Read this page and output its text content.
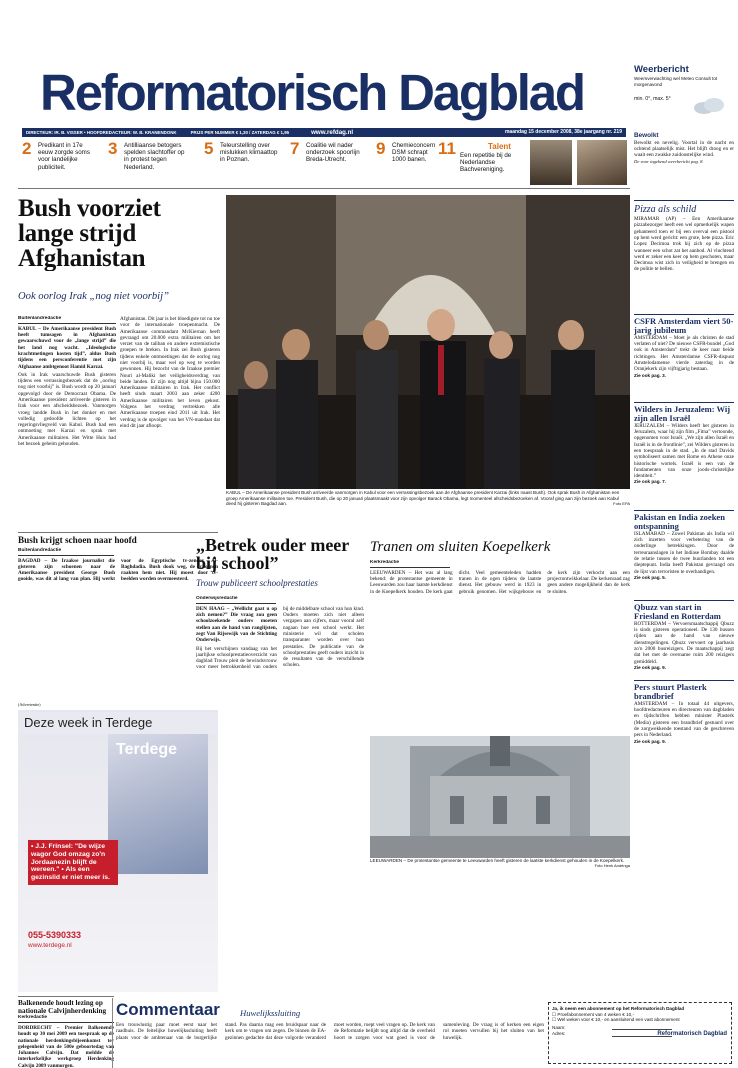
Reformatorisch Dagblad	Weerbericht
Weersverwachting wel Meteo Consult tot morgenavond
min. 0°, max. 5°
DIRECTEUR: IR. B. VISSER • HOOFDREDACTEUR: W. B. KRANENDONK	PRIJS PER NUMMER € 1,30 / ZATERDAG € 1,95	www.refdag.nl	maandag 15 december 2008, 38e jaargang nr. 219
2	Predikant in 17e eeuw zorgde soms voor landelijke publiciteit.
3	Antilliaanse betogers spelden slachtoffer op in protest tegen Nederland.
5	Teleurstelling over mislukken klimaattop in Poznan.
7	Coalitie wil nader onderzoek spoorlijn Breda-Utrecht.
9	Chemieconcern DSM schrapt 1000 banen.
11 Een repetitie bij de Nederlandse Bachvereniging.
Talent
Bewolkt
Bewolkt en nevelig. Voortal in de nacht en ochtend plaatselijk mist. Het blijft droog en er waait een zwakke zuidoostelijke wind.
De voor ingekend weerbericht pag. 8.
Bush voorziet lange strijd Afghanistan
Ook oorlog Irak „nog niet voorbij”
Buitenlandredactie
KABUL – De Amerikaanse president Bush heeft tumsagen in Afghanistan gewaarschuwd voor de „lange strijd” die het land nog wacht. „Ideologische krachtmetingen kosten tijd”, aldus Bush tijdens een persconferentie met zijn Afghaanse ambtgenoot Hamid Karzai.
Ook in Irak waarschuwde Bush gisteren tijdens een verrassingsbezoek dat de „oorlog nog niet voorbij” is. Bush wordt op 20 januari opgevolgd door de Democraat Obama. De Amerikaanse president arriveerde gisteren in Irak voor een afscheidsbezoek. Vanmorgen vroeg landde Bush in het donker en met volledig gedoofde lichten op het regeringsvliegveld van Kabul. Bush had een ontmoeting met Karzai en sprak met Amerikaanse militairen. Het Witte Huis had het bezoek geheim gehouden.
Afghanistan. Dit jaar is het bloedigste tot nu toe voor de internationale troepenmacht. De Amerikaanse commandant McKiernan heeft gevraagd om 20.000 extra militairen om het verzet van de taliban en andere extremistische groepen te breken. In Irak zei Bush gisteren tijdens enkele ontmoetingen dat de oorlog nog niet voorbij is, maar wel op weg te worden gewonnen. Hij bezocht van de Iraakse premier Nouri al-Maliki het veiligheidsverdrag van beide landen. Er zijn nog altijd bijna 150.000 Amerikaanse militairen in Irak. Het conflict heeft sinds maart 2003 aan zeker 4200 Amerikaanse militairen het leven gekost. Volgens het verdrag vertrekken alle Amerikaanse troepen eind 2011 uit Irak. Het verdrag is de opvolger van het VN-mandaat dat eind dit jaar afloopt.
KABUL – De Amerikaanse president Bush arriveerde vanmorgen in Kabul voor een verrassingsbezoek aan de Afghaanse president Karzai (links naast Bush). Ook sprak Bush in Afghanistan een groep Amerikaanse militairen toe. President Bush, die op 20 januari plaatsmaakt voor zijn opvolger Barack Obama, legt momenteel afscheidsbezoeken af. Vooraf ging aan zijn bezoek aan Kabul deed hij gisteren Bagdad aan.	Foto EPA
Pizza als schild
MIRAMAR (AP) – Een Amerikaanse pizzabezorger heeft een wel opmerkelijk wapen gehanteerd toen er bij een overval een pistool op hem werd gericht: een grote, hete pizza. Eric Lopez Decimoa trok hij zich op de pizza wanneer een schot zat het aanbod. Al vluchtend werd er zeker een keer op hem geschoten, maar Decimoa wist zich in veiligheid te brengen en de politie te bellen.
CSFR Amsterdam viert 50-jarig jubileum
AMSTERDAM – Moet je als christen de stad verlaten of niet? De nieuwe CSFR-bundel „God ook in Amsterdam” trekt de keer naar beide richtingen. Het Amsterdamse CSFR-dispuut Amstelodamense vierde zaterdag in de Oranjekerk zijn vijftigjarig bestaan.
Zie ook pag. 3.
Wilders in Jeruzalem: Wij zijn allen Israël
JERUZALEM – Wilders heeft het gisteren in Jeruzalem, waar hij zijn film „Fitna” vertoonde, opgenomen voor Israël. „We zijn allen Israël en Israël is in de frontlinie”, zei Wilders gisteren in een toespraak in de stad. „In de stad Davids symboliseert samen met Rome en Athene onze historische wortels. Israël is een van de fundamenten van onze joods-christelijke identiteit.”
Zie ook pag. 7.
Pakistan en India zoeken ontspanning
ISLAMABAD – Zowel Pakistan als India wil zich inzetten voor verbetering van de onderlinge betrekkingen. Door de terreuraanslagen in het Indiase Bombay daalde de relatie tussen de twee buurlanden tot een dieptepunt. India heeft Pakistan gevraagd om de lijst van terroristen te overhandigen.
Zie ook pag. 5.
Qbuzz van start in Friesland en Rotterdam
ROTTERDAM – Vervoersmaatschappij Qbuzz is sinds gisteren operationeel. De 130 bussen rijden aan de hand van nieuwe dienstregelingen. Qbuzz vervoert op jaarbasis zo'n 2000 busreizigers. De maatschappij zegt dat het met de overname ruim 200 reizigers gemiddeld.
Zie ook pag. 9.
Pers stuurt Plasterk brandbrief
AMSTERDAM – In totaal 44 uitgevers, hoofdredacteuren en directeuren van dagbladen en tijdschriften hebben minister Plasterk (Media) gisteren een brandbrief gestuurd over de zorgwekkende toestand van de geschreven pers in Nederland.
Zie ook pag. 9.
Bush krijgt schoen naar hoofd
Buitenlandredactie
BAGDAD – De Iraakse journalist die gisteren zijn schoenen naar de Amerikaanse president George Bush gooide, was dit al lang van plan. Hij werkt voor de Egyptische tv-zender Al-Baghdadia. Bush dook weg, de schoenen raakten hem niet. Hij moest door tv-beelden worden overmeesterd.
„Betrek ouder meer bij school”
Trouw publiceert schoolprestaties
Onderwijsredactie
DEN HAAG – „Wellicht gaat u op zich nemen?” Die vraag zou geen schoolzoekende ouders moeten stellen aan de hand van ranglijsten, zegt Van Rijsewijk van de Stichting Onderwijs.
Bij het verschijnen vandaag van het jaarlijkse schoolprestatieoverzicht van dagblad Trouw pleit de bewindsvrouw voor meer betrokkenheid van ouders bij de middelbare school van hun kind. Ouders moeten zich niet alleen vergapen aan cijfers, maar vooral zelf nagaan hoe een school werkt. Het ministerie wil dat scholen transparanter worden over hun prestaties. De publicatie van de schoolprestaties geeft ouders inzicht in de resultaten van de verschillende scholen.
Tranen om sluiten Koepelkerk
Kerkredactie
LEEUWARDEN – Het was al lang bekend: de protestantse gemeente in Leeuwarden zou haar laatste kerkdienst in de Koepelkerk houden. De kerk gaat dicht. Veel gemeenteleden hadden tranen in de ogen tijdens de laatste dienst. Het gebouw werd in 1923 in gebruik genomen. Het wijkgebouw en de kerk zijn verkocht aan een projectontwikkelaar. De kerkenraad zag geen andere mogelijkheid dan de kerk te sluiten.
LEEUWARDEN – De protestantse gemeente te Leeuwarden heeft gisteren de laatste kerkdienst gehouden in de Koepelkerk.
Foto Henk Andringa
(Advertentie)
Deze week in Terdege
Terdege
• J.J. Frinsel: "De wijze wagor God omzag zo'n Jordaanezin blijft de wereen." • Als een gezinslid er niet meer is.
055-5390333
www.terdege.nl
Balkenende houdt lezing op nationale Calvijnherdenking
Kerkredactie
DORDRECHT – Premier Balkenende houdt op 30 mei 2009 een toespraak op de nationale herdenkingsbijeenkomst ter gelegenheid van de 500e geboortedag van Johannes Calvijn. Dat meldde de interkerkelijke werkgroep Herdenking Calvijn 2009 vanmorgen.
Commentaar	Huwelijkssluiting
Een trouwlustig paar moet eerst naar het raadhuis. De feitelijke huwelijkssluiting heeft plaats voor de ambtenaar van de burgerlijke stand. Pas daarna mag een bruidspaar naar de kerk om te vragen om zegen. De binnen de EA-gezinnen gedachte dat deze volgorde veranderd moet worden, roept veel vragen op. De kerk van de Reformatie belijdt nog altijd dat de overheid hoort te zorgen voor wat goed is voor de samenleving. De vraag is of kerken een eigen rol moeten vervullen bij het sluiten van het huwelijk.
Ja, ik neem een abonnement op het Reformatorisch Dagblad
☐ Proefabonnement van 4 weken € 10,-
☐ Wel weken voor € 10,- en aansluitend een vast abonnement
Reformatorisch Dagblad
Naam:
Adres:
